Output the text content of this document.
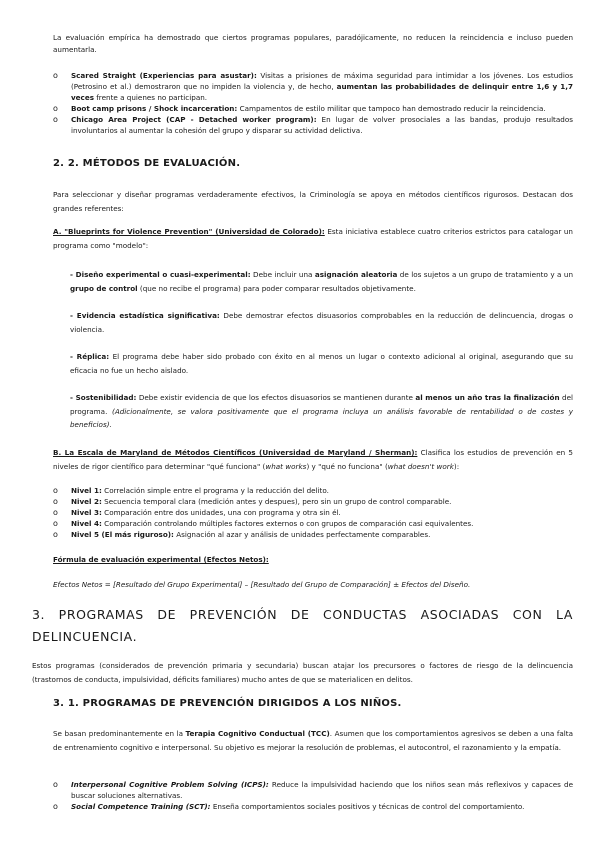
La evaluación empírica ha demostrado que ciertos programas populares, paradójicamente, no reducen la reincidencia e incluso pueden aumentarla.

o Scared Straight (Experiencias para asustar): Visitas a prisiones de máxima seguridad para intimidar a los jóvenes. Los estudios (Petrosino et al.) demostraron que no impiden la violencia y, de hecho, aumentan las probabilidades de delinquir entre 1,6 y 1,7 veces frente a quienes no participan.
o Boot camp prisons / Shock incarceration: Campamentos de estilo militar que tampoco han demostrado reducir la reincidencia.
o Chicago Area Project (CAP - Detached worker program): En lugar de volver prosociales a las bandas, produjo resultados involuntarios al aumentar la cohesión del grupo y disparar su actividad delictiva.
2. 2. MÉTODOS DE EVALUACIÓN.

Para seleccionar y diseñar programas verdaderamente efectivos, la Criminología se apoya en métodos científicos rigurosos. Destacan dos grandes referentes:

A. "Blueprints for Violence Prevention" (Universidad de Colorado): Esta iniciativa establece cuatro criterios estrictos para catalogar un programa como "modelo":

- Diseño experimental o cuasi-experimental: Debe incluir una asignación aleatoria de los sujetos a un grupo de tratamiento y a un grupo de control (que no recibe el programa) para poder comparar resultados objetivamente.

- Evidencia estadística significativa: Debe demostrar efectos disuasorios comprobables en la reducción de delincuencia, drogas o violencia.

- Réplica: El programa debe haber sido probado con éxito en al menos un lugar o contexto adicional al original, asegurando que su eficacia no fue un hecho aislado.

- Sostenibilidad: Debe existir evidencia de que los efectos disuasorios se mantienen durante al menos un año tras la finalización del programa. (Adicionalmente, se valora positivamente que el programa incluya un análisis favorable de rentabilidad o de costes y beneficios).

B. La Escala de Maryland de Métodos Científicos (Universidad de Maryland / Sherman): Clasifica los estudios de prevención en 5 niveles de rigor científico para determinar "qué funciona" (what works) y "qué no funciona" (what doesn't work):

o Nivel 1: Correlación simple entre el programa y la reducción del delito.
o Nivel 2: Secuencia temporal clara (medición antes y despues), pero sin un grupo de control comparable.
o Nivel 3: Comparación entre dos unidades, una con programa y otra sin él.
o Nivel 4: Comparación controlando múltiples factores externos o con grupos de comparación casi equivalentes.
o Nivel 5 (El más riguroso): Asignación al azar y análisis de unidades perfectamente comparables.

Fórmula de evaluación experimental (Efectos Netos):

Efectos Netos = [Resultado del Grupo Experimental] – [Resultado del Grupo de Comparación] ± Efectos del Diseño.

3. PROGRAMAS DE PREVENCIÓN DE CONDUCTAS ASOCIADAS CON LA DELINCUENCIA.

Estos programas (considerados de prevención primaria y secundaria) buscan atajar los precursores o factores de riesgo de la delincuencia (trastornos de conducta, impulsividad, déficits familiares) mucho antes de que se materialicen en delitos.

3. 1. PROGRAMAS DE PREVENCIÓN DIRIGIDOS A LOS NIÑOS.

Se basan predominantemente en la Terapia Cognitivo Conductual (TCC). Asumen que los comportamientos agresivos se deben a una falta de entrenamiento cognitivo e interpersonal. Su objetivo es mejorar la resolución de problemas, el autocontrol, el razonamiento y la empatía.

o Interpersonal Cognitive Problem Solving (ICPS): Reduce la impulsividad haciendo que los niños sean más reflexivos y capaces de buscar soluciones alternativas.
o Social Competence Training (SCT): Enseña comportamientos sociales positivos y técnicas de control del comportamiento.
